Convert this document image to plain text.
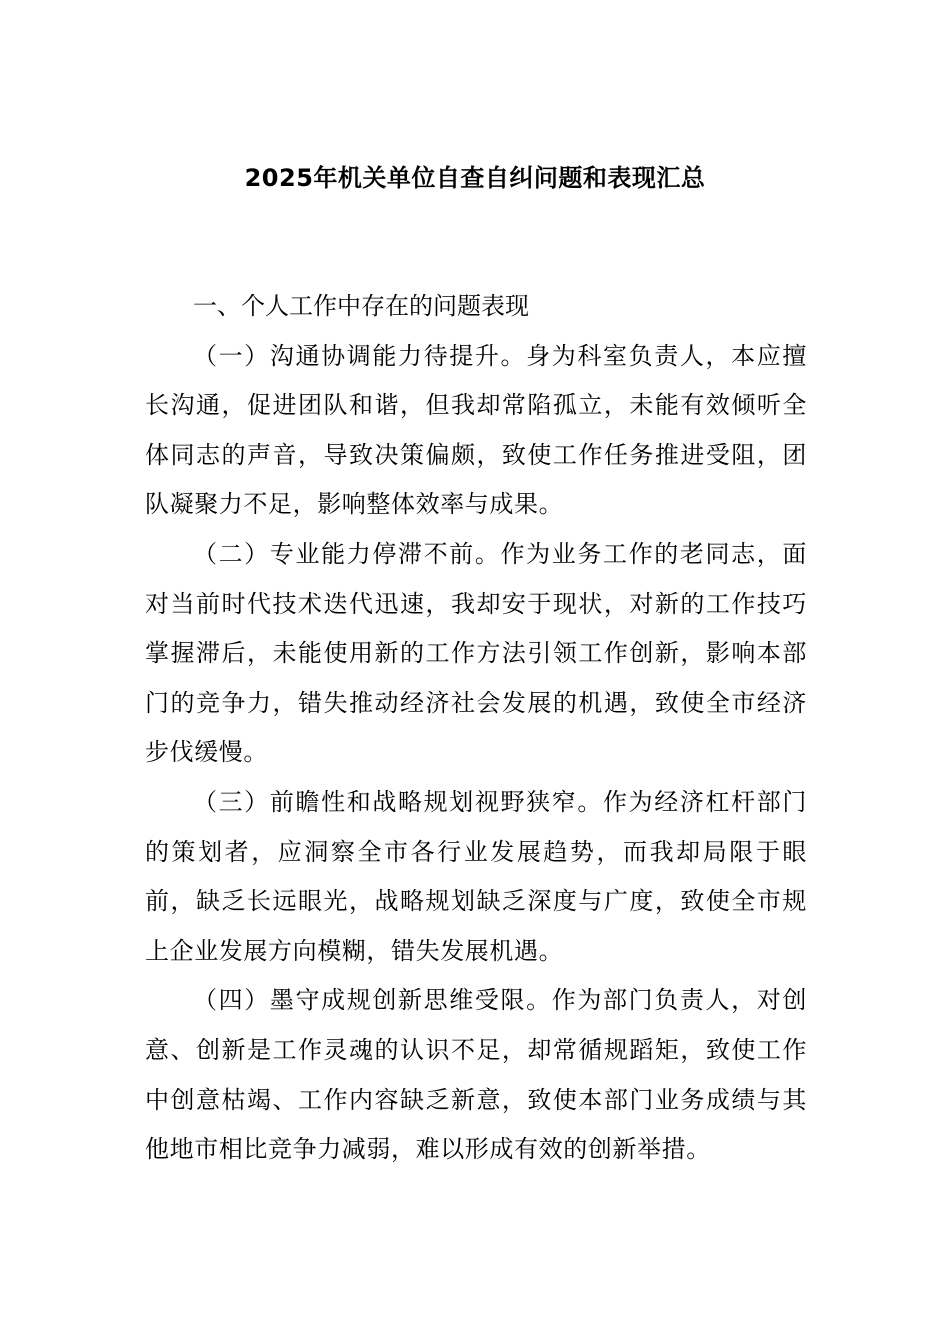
2025年机关单位自查自纠问题和表现汇总

一、个人工作中存在的问题表现

（一）沟通协调能力待提升。身为科室负责人，本应擅长沟通，促进团队和谐，但我却常陷孤立，未能有效倾听全体同志的声音，导致决策偏颇，致使工作任务推进受阻，团队凝聚力不足，影响整体效率与成果。

（二）专业能力停滞不前。作为业务工作的老同志，面对当前时代技术迭代迅速，我却安于现状，对新的工作技巧掌握滞后，未能使用新的工作方法引领工作创新，影响本部门的竞争力，错失推动经济社会发展的机遇，致使全市经济步伐缓慢。

（三）前瞻性和战略规划视野狭窄。作为经济杠杆部门的策划者，应洞察全市各行业发展趋势，而我却局限于眼前，缺乏长远眼光，战略规划缺乏深度与广度，致使全市规上企业发展方向模糊，错失发展机遇。

（四）墨守成规创新思维受限。作为部门负责人，对创意、创新是工作灵魂的认识不足，却常循规蹈矩，致使工作中创意枯竭、工作内容缺乏新意，致使本部门业务成绩与其他地市相比竞争力减弱，难以形成有效的创新举措。
